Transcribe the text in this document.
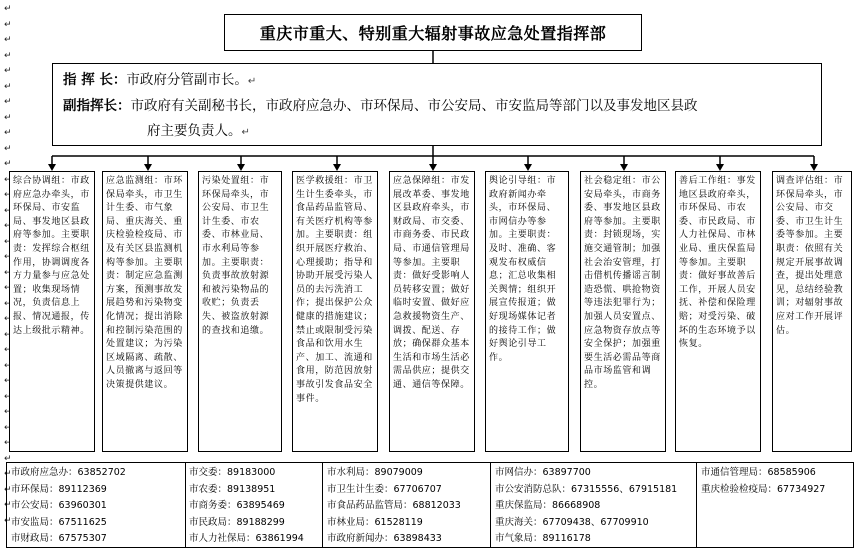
↵
↵
↵
↵
↵
↵
↵
↵
↵
↵
↵
↵
↵
↵
↵
↵
↵
↵
↵
↵
↵
↵
↵
↵
↵
↵
↵
↵
↵
↵
↵
↵
↵
↵
重庆市重大、特别重大辐射事故应急处置指挥部
指 挥 长：市政府分管副市长。↵
副指挥长：市政府有关副秘书长，市政府应急办、市环保局、市公安局、市安监局等部门以及事发地区县政
府主要负责人。↵
综合协调组：市政府应急办牵头，市环保局、市安监局、事发地区县政府等参加。主要职责：发挥综合枢纽作用，协调调度各方力量参与应急处置；收集现场情况，负责信息上报、情况通报，传达上级批示精神。
应急监测组：市环保局牵头，市卫生计生委、市气象局、重庆海关、重庆检验检疫局、市及有关区县监测机构等参加。主要职责：制定应急监测方案，预测事故发展趋势和污染物变化情况；提出消除和控制污染范围的处置建议；为污染区域隔离、疏散、人员撤离与返回等决策提供建议。
污染处置组：市环保局牵头，市公安局、市卫生计生委、市农委、市林业局、市水利局等参加。主要职责：负责事故放射源和被污染物品的收贮；负责丢失、被盗放射源的查找和追缴。
医学救援组：市卫生计生委牵头，市食品药品监管局、有关医疗机构等参加。主要职责：组织开展医疗救治、心理援助；指导和协助开展受污染人员的去污洗消工作；提出保护公众健康的措施建议；禁止或限制受污染食品和饮用水生产、加工、流通和食用，防范因放射事故引发食品安全事件。
应急保障组：市发展改革委、事发地区县政府牵头，市财政局、市交委、市商务委、市民政局、市通信管理局等参加。主要职责：做好受影响人员转移安置；做好临时安置、做好应急救援物资生产、调拨、配送、存放；确保群众基本生活和市场生活必需品供应；提供交通、通信等保障。
舆论引导组：市政府新闻办牵头，市环保局、市网信办等参加。主要职责：及时、准确、客观发布权威信息；汇总收集相关舆情；组织开展宣传报道；做好现场媒体记者的接待工作；做好舆论引导工作。
社会稳定组：市公安局牵头，市商务委、事发地区县政府等参加。主要职责：封锁现场，实施交通管制；加强社会治安管理，打击借机传播谣言制造恐慌、哄抢物资等违法犯罪行为；加强人员安置点、应急物资存放点等安全保护；加强重要生活必需品等商品市场监管和调控。
善后工作组：事发地区县政府牵头，市环保局、市农委、市民政局、市人力社保局、市林业局、重庆保监局等参加。主要职责：做好事故善后工作，开展人员安抚、补偿和保险理赔；对受污染、破坏的生态环境予以恢复。
调查评估组：市环保局牵头，市公安局、市交委、市卫生计生委等参加。主要职责：依照有关规定开展事故调查，提出处理意见，总结经验教训；对辐射事故应对工作开展评估。
市政府应急办：63852702
市环保局：89112369
市公安局：63960301
市安监局：67511625
市财政局：67575307
市交委：89183000
市农委：89138951
市商务委：63895469
市民政局：89188299
市人力社保局：63861994
市水利局：89079009
市卫生计生委：67706707
市食品药品监管局：68812033
市林业局：61528119
市政府新闻办：63898433
市网信办：63897700
市公安消防总队：67315556、67915181
重庆保监局：86668908
重庆海关：67709438、67709910
市气象局：89116178
市通信管理局：68585906
重庆检验检疫局：67734927
